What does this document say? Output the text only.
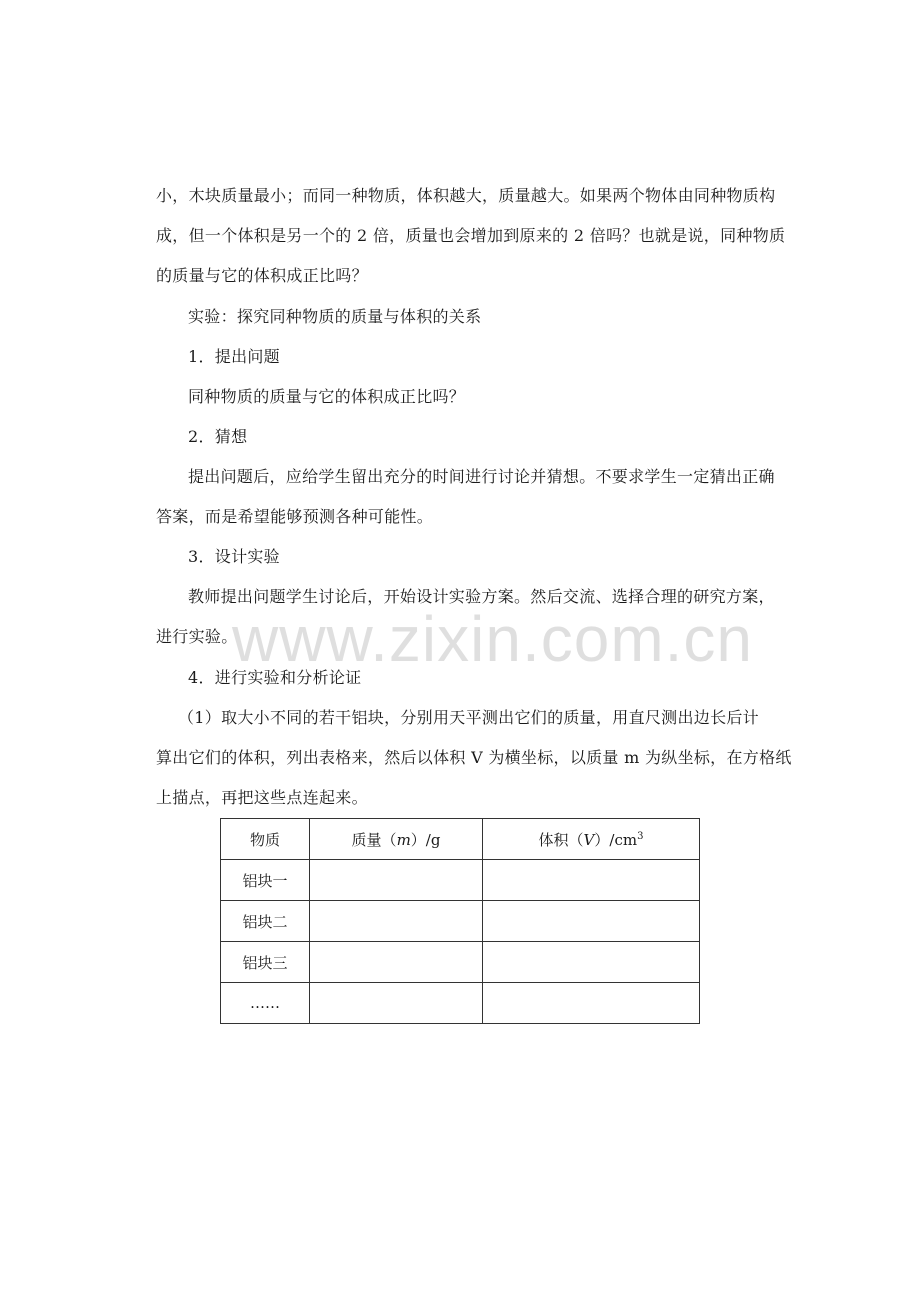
小，木块质量最小；而同一种物质，体积越大，质量越大。如果两个物体由同种物质构
成，但一个体积是另一个的 2 倍，质量也会增加到原来的 2 倍吗？也就是说，同种物质
的质量与它的体积成正比吗？
实验：探究同种物质的质量与体积的关系
1．提出问题
同种物质的质量与它的体积成正比吗？
2．猜想
提出问题后，应给学生留出充分的时间进行讨论并猜想。不要求学生一定猜出正确
答案，而是希望能够预测各种可能性。
3．设计实验
教师提出问题学生讨论后，开始设计实验方案。然后交流、选择合理的研究方案，
进行实验。
www.zixin.com.cn
4．进行实验和分析论证
（1）取大小不同的若干铝块，分别用天平测出它们的质量，用直尺测出边长后计
算出它们的体积，列出表格来，然后以体积 V 为横坐标，以质量 m 为纵坐标，在方格纸
上描点，再把这些点连起来。
物质	质量（m）/g	体积$(V)/cm^3$
铝块一		
铝块二		
铝块三		
……		
